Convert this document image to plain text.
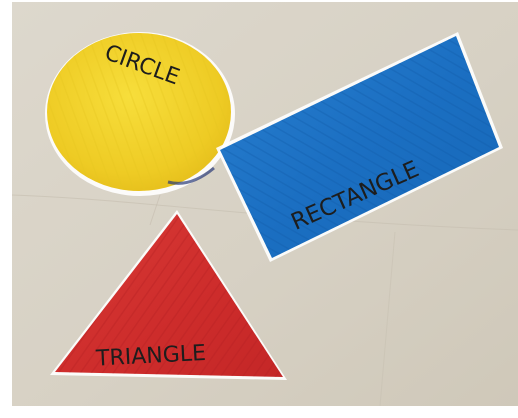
CIRCLE
RECTANGLE
TRIANGLE
